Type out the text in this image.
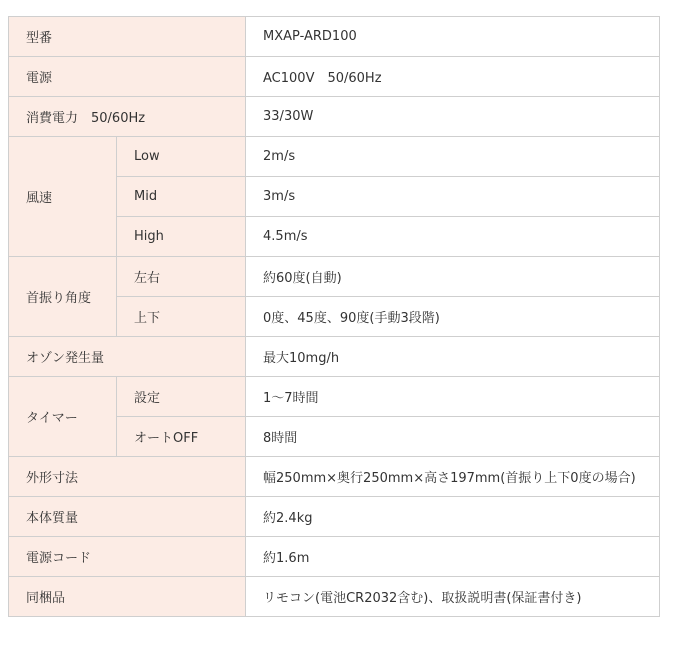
型番		MXAP-ARD100
電源		AC100V　50/60Hz
消費電力　50/60Hz		33/30W
風速	Low	2m/s
	Mid	3m/s
	High	4.5m/s
首振り角度	左右	約60度(自動)
	上下	0度、45度、90度(手動3段階)
オゾン発生量		最大10mg/h
タイマー	設定	1～7時間
	オートOFF	8時間
外形寸法		幅250mm×奥行250mm×高さ197mm(首振り上下0度の場合)
本体質量		約2.4kg
電源コード		約1.6m
同梱品		リモコン(電池CR2032含む)、取扱説明書(保証書付き)
